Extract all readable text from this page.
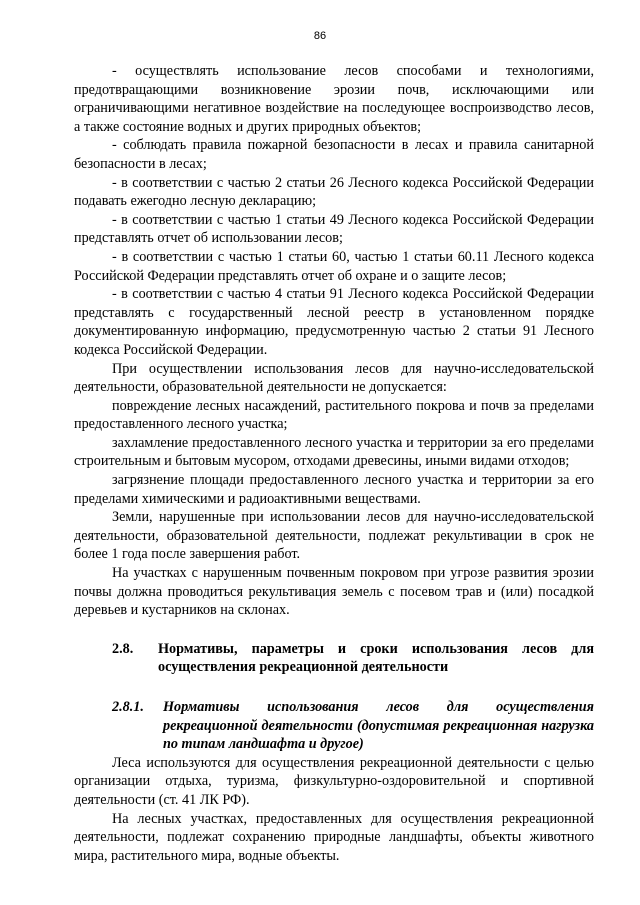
86

- осуществлять использование лесов способами и технологиями, предотвращающими возникновение эрозии почв, исключающими или ограничивающими негативное воздействие на последующее воспроизводство лесов, а также состояние водных и других природных объектов;

- соблюдать правила пожарной безопасности в лесах и правила санитарной безопасности в лесах;

- в соответствии с частью 2 статьи 26 Лесного кодекса Российской Федерации подавать ежегодно лесную декларацию;

- в соответствии с частью 1 статьи 49 Лесного кодекса Российской Федерации представлять отчет об использовании лесов;

- в соответствии с частью 1 статьи 60, частью 1 статьи 60.11 Лесного кодекса Российской Федерации представлять отчет об охране и о защите лесов;

- в соответствии с частью 4 статьи 91 Лесного кодекса Российской Федерации представлять с государственный лесной реестр в установленном порядке документированную информацию, предусмотренную частью 2 статьи 91 Лесного кодекса Российской Федерации.

При осуществлении использования лесов для научно-исследовательской деятельности, образовательной деятельности не допускается:

повреждение лесных насаждений, растительного покрова и почв за пределами предоставленного лесного участка;

захламление предоставленного лесного участка и территории за его пределами строительным и бытовым мусором, отходами древесины, иными видами отходов;

загрязнение площади предоставленного лесного участка и территории за его пределами химическими и радиоактивными веществами.

Земли, нарушенные при использовании лесов для научно-исследовательской деятельности, образовательной деятельности, подлежат рекультивации в срок не более 1 года после завершения работ.

На участках с нарушенным почвенным покровом при угрозе развития эрозии почвы должна проводиться рекультивация земель с посевом трав и (или) посадкой деревьев и кустарников на склонах.

2.8.	Нормативы, параметры и сроки использования лесов для осуществления рекреационной деятельности
2.8.1.	Нормативы использования лесов для осуществления рекреационной деятельности (допустимая рекреационная нагрузка по типам ландшафта и другое)

Леса используются для осуществления рекреационной деятельности с целью организации отдыха, туризма, физкультурно-оздоровительной и спортивной деятельности (ст. 41 ЛК РФ).

На лесных участках, предоставленных для осуществления рекреационной деятельности, подлежат сохранению природные ландшафты, объекты животного мира, растительного мира, водные объекты.
